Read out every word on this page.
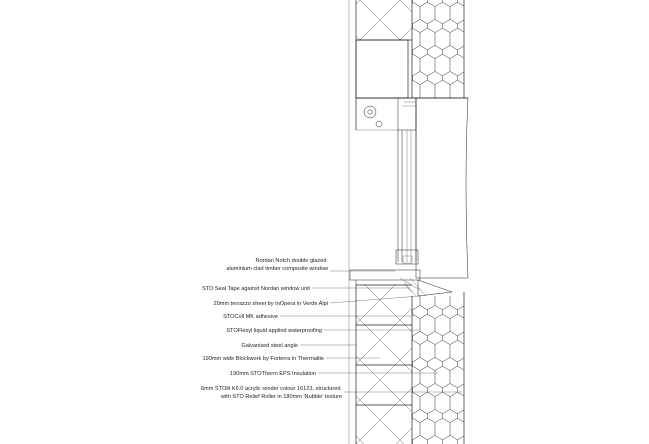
Nordan Notch double glazed aluminium clad timber composite window
STO Seal Tape against Nordan window unit
20mm terrazzo sheet by InOpera in Verde Alpi
STOColl MK adhesive
STOFlexyl liquid applied waterproofing
Galvanised steel angle
190mm wide Blockwork by Forterra in Thermalite
190mm STOTherm EPS Insulation
6mm STOlit K6.0 acrylic render colour 16123, structured with STO Relief Roller in 180mm 'Nubble' texture
